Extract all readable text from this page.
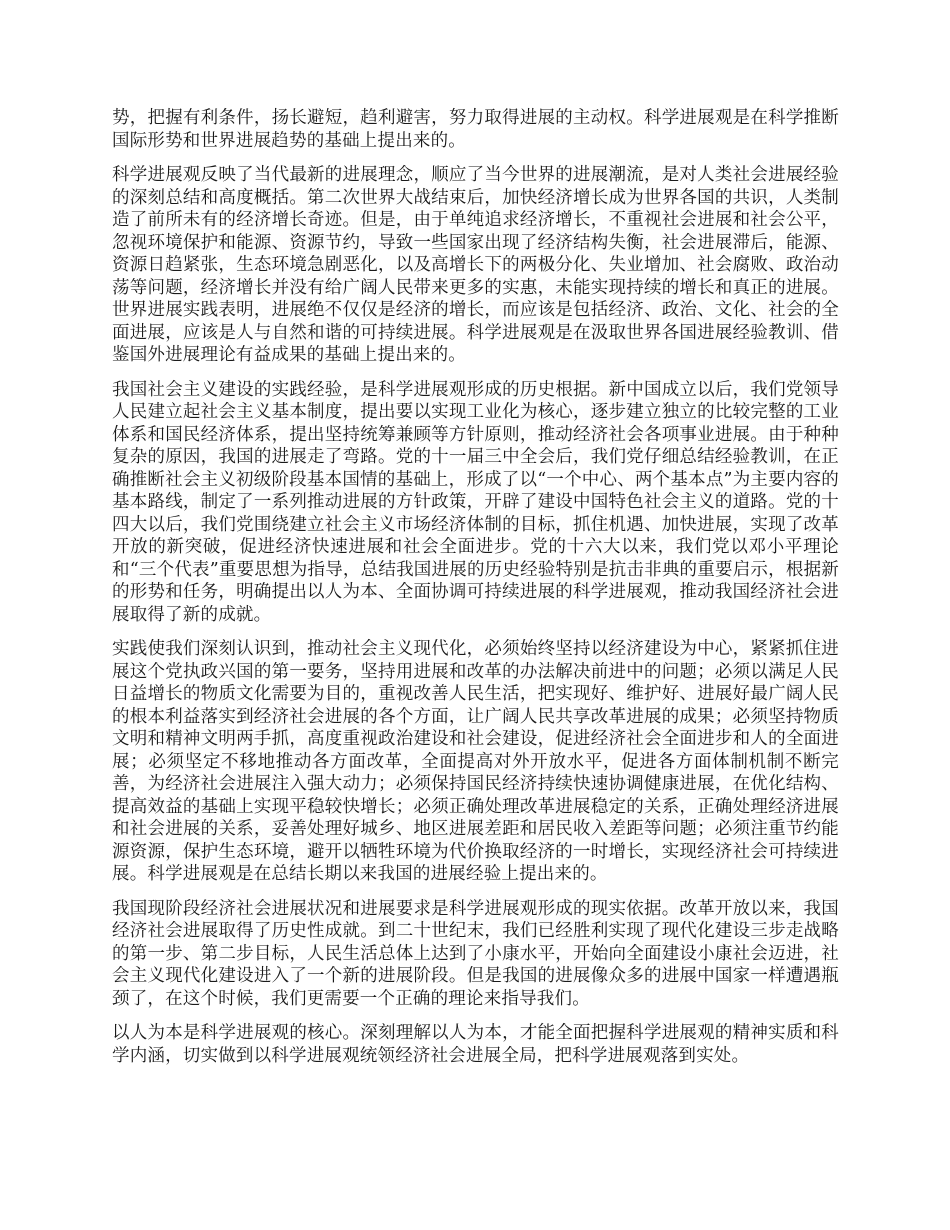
势，把握有利条件，扬长避短，趋利避害，努力取得进展的主动权。科学进展观是在科学推断国际形势和世界进展趋势的基础上提出来的。

科学进展观反映了当代最新的进展理念，顺应了当今世界的进展潮流，是对人类社会进展经验的深刻总结和高度概括。第二次世界大战结束后，加快经济增长成为世界各国的共识，人类制造了前所未有的经济增长奇迹。但是，由于单纯追求经济增长，不重视社会进展和社会公平，忽视环境保护和能源、资源节约，导致一些国家出现了经济结构失衡，社会进展滞后，能源、资源日趋紧张，生态环境急剧恶化，以及高增长下的两极分化、失业增加、社会腐败、政治动荡等问题，经济增长并没有给广阔人民带来更多的实惠，未能实现持续的增长和真正的进展。世界进展实践表明，进展绝不仅仅是经济的增长，而应该是包括经济、政治、文化、社会的全面进展，应该是人与自然和谐的可持续进展。科学进展观是在汲取世界各国进展经验教训、借鉴国外进展理论有益成果的基础上提出来的。

我国社会主义建设的实践经验，是科学进展观形成的历史根据。新中国成立以后，我们党领导人民建立起社会主义基本制度，提出要以实现工业化为核心，逐步建立独立的比较完整的工业体系和国民经济体系，提出坚持统筹兼顾等方针原则，推动经济社会各项事业进展。由于种种复杂的原因，我国的进展走了弯路。党的十一届三中全会后，我们党仔细总结经验教训，在正确推断社会主义初级阶段基本国情的基础上，形成了以“一个中心、两个基本点”为主要内容的基本路线，制定了一系列推动进展的方针政策，开辟了建设中国特色社会主义的道路。党的十四大以后，我们党围绕建立社会主义市场经济体制的目标，抓住机遇、加快进展，实现了改革开放的新突破，促进经济快速进展和社会全面进步。党的十六大以来，我们党以邓小平理论和“三个代表”重要思想为指导，总结我国进展的历史经验特别是抗击非典的重要启示，根据新的形势和任务，明确提出以人为本、全面协调可持续进展的科学进展观，推动我国经济社会进展取得了新的成就。

实践使我们深刻认识到，推动社会主义现代化，必须始终坚持以经济建设为中心，紧紧抓住进展这个党执政兴国的第一要务，坚持用进展和改革的办法解决前进中的问题；必须以满足人民日益增长的物质文化需要为目的，重视改善人民生活，把实现好、维护好、进展好最广阔人民的根本利益落实到经济社会进展的各个方面，让广阔人民共享改革进展的成果；必须坚持物质文明和精神文明两手抓，高度重视政治建设和社会建设，促进经济社会全面进步和人的全面进展；必须坚定不移地推动各方面改革，全面提高对外开放水平，促进各方面体制机制不断完善，为经济社会进展注入强大动力；必须保持国民经济持续快速协调健康进展，在优化结构、提高效益的基础上实现平稳较快增长；必须正确处理改革进展稳定的关系，正确处理经济进展和社会进展的关系，妥善处理好城乡、地区进展差距和居民收入差距等问题；必须注重节约能源资源，保护生态环境，避开以牺牲环境为代价换取经济的一时增长，实现经济社会可持续进展。科学进展观是在总结长期以来我国的进展经验上提出来的。

我国现阶段经济社会进展状况和进展要求是科学进展观形成的现实依据。改革开放以来，我国经济社会进展取得了历史性成就。到二十世纪末，我们已经胜利实现了现代化建设三步走战略的第一步、第二步目标，人民生活总体上达到了小康水平，开始向全面建设小康社会迈进，社会主义现代化建设进入了一个新的进展阶段。但是我国的进展像众多的进展中国家一样遭遇瓶颈了，在这个时候，我们更需要一个正确的理论来指导我们。

以人为本是科学进展观的核心。深刻理解以人为本，才能全面把握科学进展观的精神实质和科学内涵，切实做到以科学进展观统领经济社会进展全局，把科学进展观落到实处。
